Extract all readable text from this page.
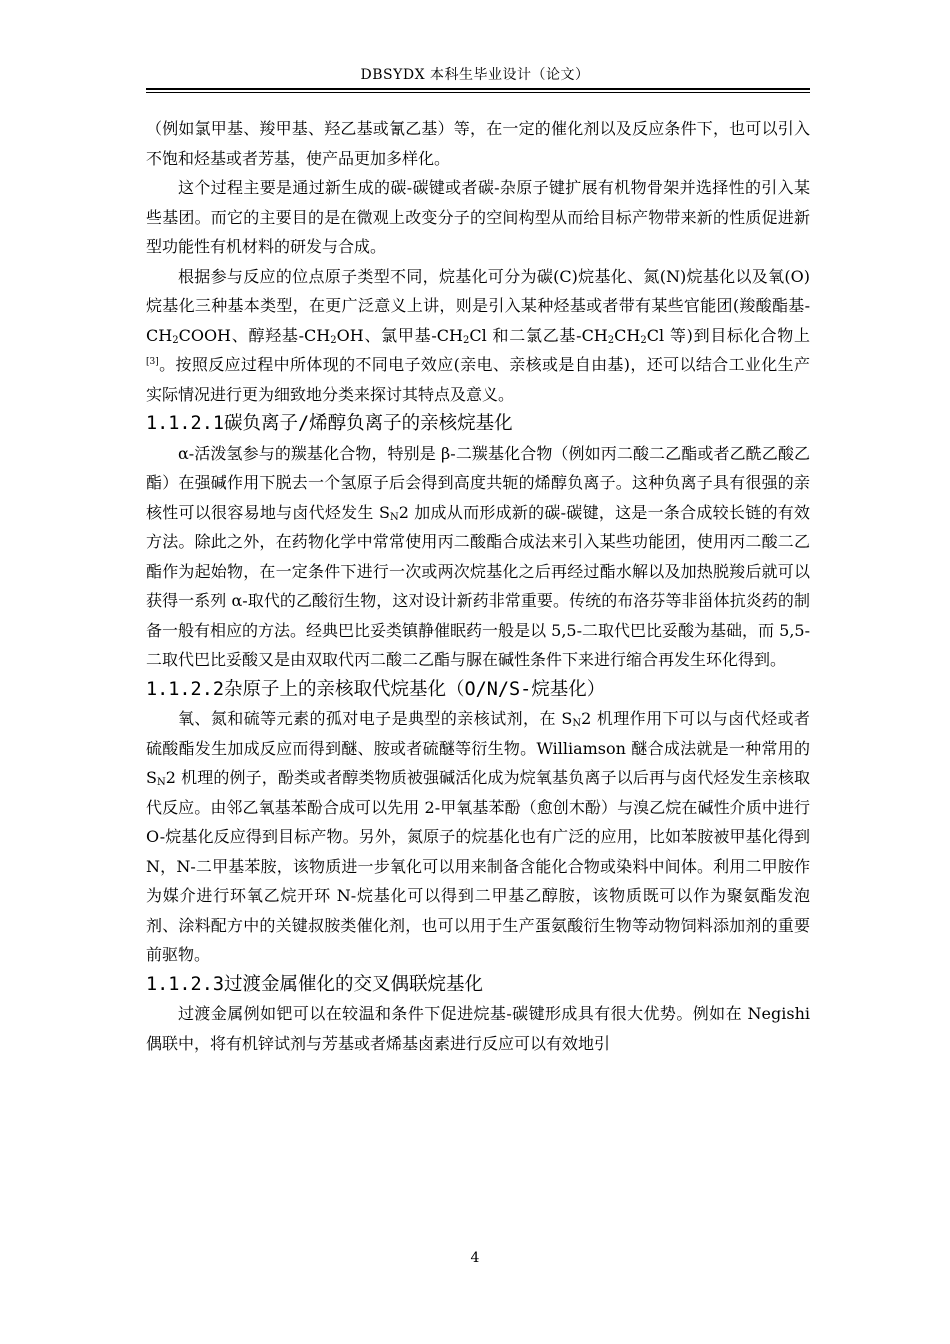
DBSYDX 本科生毕业设计（论文）

（例如氯甲基、羧甲基、羟乙基或氰乙基）等，在一定的催化剂以及反应条件下，也可以引入不饱和烃基或者芳基，使产品更加多样化。

这个过程主要是通过新生成的碳-碳键或者碳-杂原子键扩展有机物骨架并选择性的引入某些基团。而它的主要目的是在微观上改变分子的空间构型从而给目标产物带来新的性质促进新型功能性有机材料的研发与合成。

根据参与反应的位点原子类型不同，烷基化可分为碳(C)烷基化、氮(N)烷基化以及氧(O)烷基化三种基本类型，在更广泛意义上讲，则是引入某种烃基或者带有某些官能团(羧酸酯基$-CH_2COOH$、醇羟基$-CH_2OH$、氯甲基$-CH_2Cl$ 和二氯乙基$-CH_2CH_2Cl$ 等)到目标化合物上[3]。按照反应过程中所体现的不同电子效应(亲电、亲核或是自由基)，还可以结合工业化生产实际情况进行更为细致地分类来探讨其特点及意义。

1.1.2.1碳负离子/烯醇负离子的亲核烷基化

α-活泼氢参与的羰基化合物，特别是 β-二羰基化合物（例如丙二酸二乙酯或者乙酰乙酸乙酯）在强碱作用下脱去一个氢原子后会得到高度共轭的烯醇负离子。这种负离子具有很强的亲核性可以很容易地与卤代烃发生 $S_N2$ 加成从而形成新的碳-碳键，这是一条合成较长链的有效方法。除此之外，在药物化学中常常使用丙二酸酯合成法来引入某些功能团，使用丙二酸二乙酯作为起始物，在一定条件下进行一次或两次烷基化之后再经过酯水解以及加热脱羧后就可以获得一系列 α-取代的乙酸衍生物，这对设计新药非常重要。传统的布洛芬等非甾体抗炎药的制备一般有相应的方法。经典巴比妥类镇静催眠药一般是以 5,5-二取代巴比妥酸为基础，而 5,5-二取代巴比妥酸又是由双取代丙二酸二乙酯与脲在碱性条件下来进行缩合再发生环化得到。

1.1.2.2杂原子上的亲核取代烷基化（O/N/S-烷基化）

氧、氮和硫等元素的孤对电子是典型的亲核试剂，在 $S_N2$ 机理作用下可以与卤代烃或者硫酸酯发生加成反应而得到醚、胺或者硫醚等衍生物。Williamson 醚合成法就是一种常用的 $S_N2$ 机理的例子，酚类或者醇类物质被强碱活化成为烷氧基负离子以后再与卤代烃发生亲核取代反应。由邻乙氧基苯酚合成可以先用 2-甲氧基苯酚（愈创木酚）与溴乙烷在碱性介质中进行 O-烷基化反应得到目标产物。另外，氮原子的烷基化也有广泛的应用，比如苯胺被甲基化得到 N，N-二甲基苯胺，该物质进一步氧化可以用来制备含能化合物或染料中间体。利用二甲胺作为媒介进行环氧乙烷开环 N-烷基化可以得到二甲基乙醇胺，该物质既可以作为聚氨酯发泡剂、涂料配方中的关键叔胺类催化剂，也可以用于生产蛋氨酸衍生物等动物饲料添加剂的重要前驱物。

1.1.2.3过渡金属催化的交叉偶联烷基化

过渡金属例如钯可以在较温和条件下促进烷基-碳键形成具有很大优势。例如在 Negishi 偶联中，将有机锌试剂与芳基或者烯基卤素进行反应可以有效地引

4
